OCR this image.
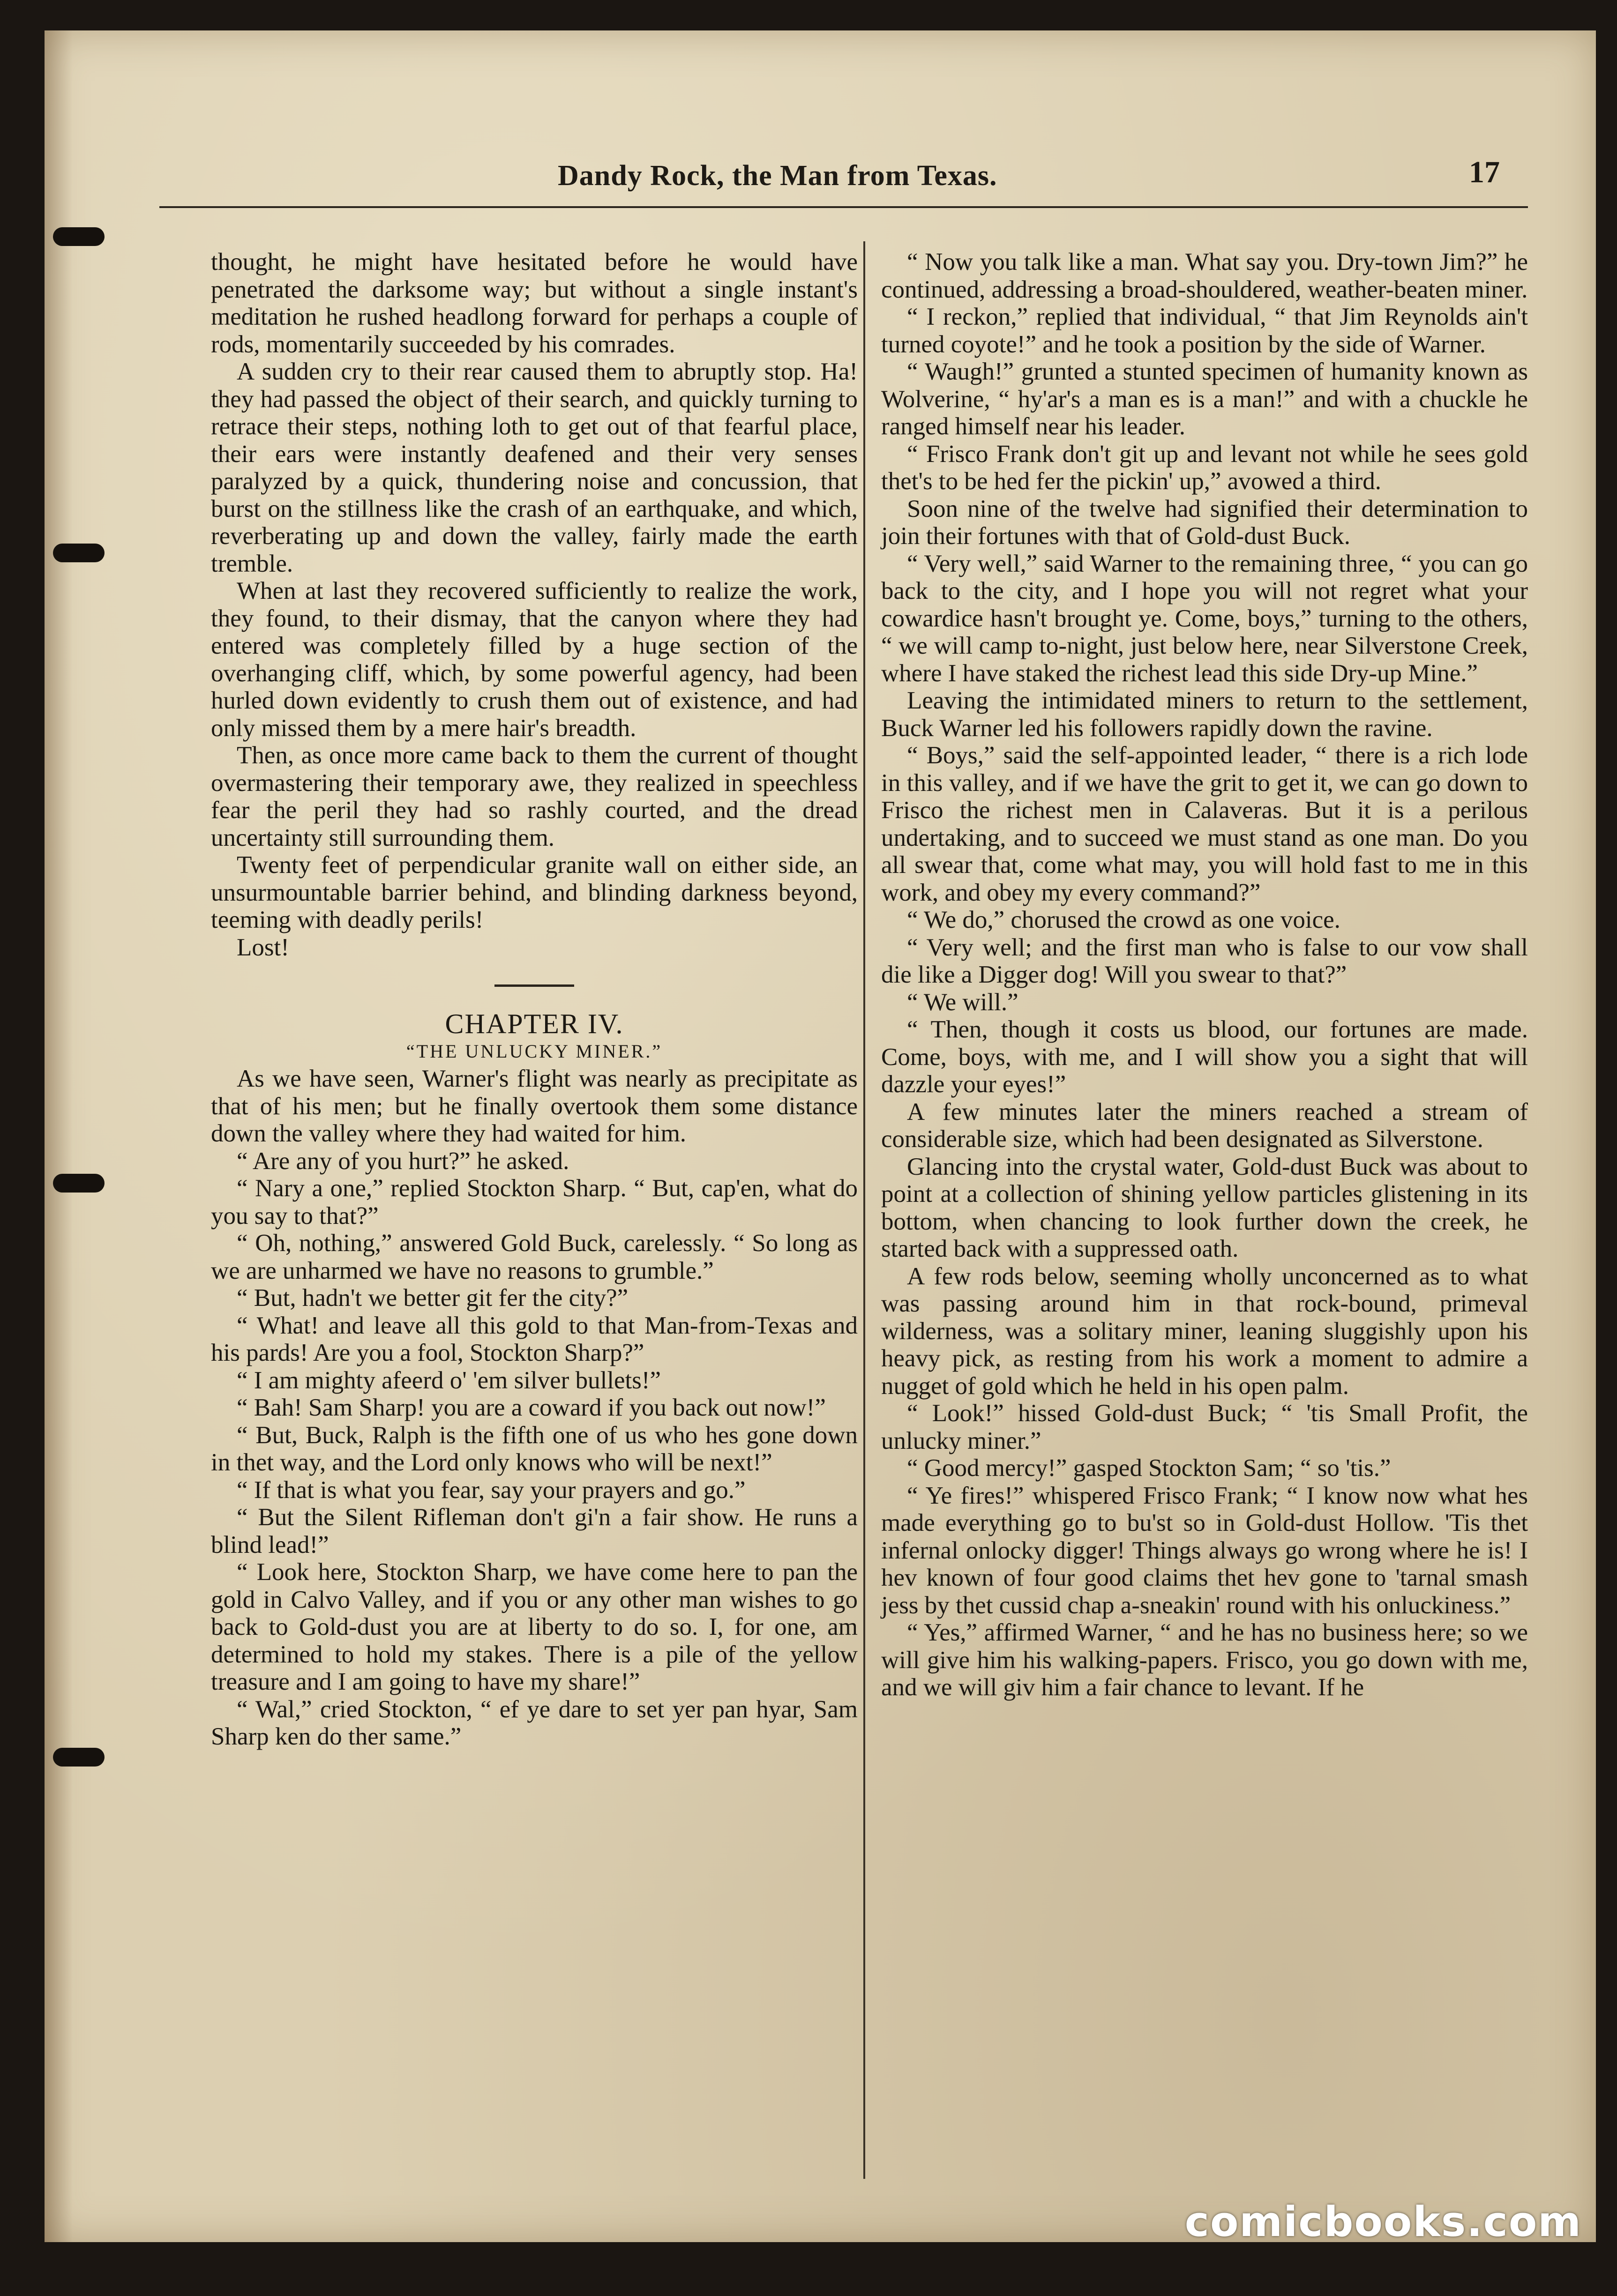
Dandy Rock, the Man from Texas.	17

thought, he might have hesitated before he would have penetrated the darksome way; but without a single instant's meditation he rushed headlong forward for perhaps a couple of rods, momentarily succeeded by his comrades.

A sudden cry to their rear caused them to abruptly stop. Ha! they had passed the object of their search, and quickly turning to retrace their steps, nothing loth to get out of that fearful place, their ears were instantly deafened and their very senses paralyzed by a quick, thundering noise and concussion, that burst on the stillness like the crash of an earthquake, and which, reverberating up and down the valley, fairly made the earth tremble.

When at last they recovered sufficiently to realize the work, they found, to their dismay, that the canyon where they had entered was completely filled by a huge section of the overhanging cliff, which, by some powerful agency, had been hurled down evidently to crush them out of existence, and had only missed them by a mere hair's breadth.

Then, as once more came back to them the current of thought overmastering their temporary awe, they realized in speechless fear the peril they had so rashly courted, and the dread uncertainty still surrounding them.

Twenty feet of perpendicular granite wall on either side, an unsurmountable barrier behind, and blinding darkness beyond, teeming with deadly perils!

Lost!

CHAPTER IV.

“THE UNLUCKY MINER.”

As we have seen, Warner's flight was nearly as precipitate as that of his men; but he finally overtook them some distance down the valley where they had waited for him.

“ Are any of you hurt?” he asked.

“ Nary a one,” replied Stockton Sharp. “ But, cap'en, what do you say to that?”

“ Oh, nothing,” answered Gold Buck, carelessly. “ So long as we are unharmed we have no reasons to grumble.”

“ But, hadn't we better git fer the city?”

“ What! and leave all this gold to that Man-from-Texas and his pards! Are you a fool, Stockton Sharp?”

“ I am mighty afeerd o' 'em silver bullets!”

“ Bah! Sam Sharp! you are a coward if you back out now!”

“ But, Buck, Ralph is the fifth one of us who hes gone down in thet way, and the Lord only knows who will be next!”

“ If that is what you fear, say your prayers and go.”

“ But the Silent Rifleman don't gi'n a fair show. He runs a blind lead!”

“ Look here, Stockton Sharp, we have come here to pan the gold in Calvo Valley, and if you or any other man wishes to go back to Gold-dust you are at liberty to do so. I, for one, am determined to hold my stakes. There is a pile of the yellow treasure and I am going to have my share!”

“ Wal,” cried Stockton, “ ef ye dare to set yer pan hyar, Sam Sharp ken do ther same.”

“ Now you talk like a man. What say you. Dry-town Jim?” he continued, addressing a broad-shouldered, weather-beaten miner.

“ I reckon,” replied that individual, “ that Jim Reynolds ain't turned coyote!” and he took a position by the side of Warner.

“ Waugh!” grunted a stunted specimen of humanity known as Wolverine, “ hy'ar's a man es is a man!” and with a chuckle he ranged himself near his leader.

“ Frisco Frank don't git up and levant not while he sees gold thet's to be hed fer the pickin' up,” avowed a third.

Soon nine of the twelve had signified their determination to join their fortunes with that of Gold-dust Buck.

“ Very well,” said Warner to the remaining three, “ you can go back to the city, and I hope you will not regret what your cowardice hasn't brought ye. Come, boys,” turning to the others, “ we will camp to-night, just below here, near Silverstone Creek, where I have staked the richest lead this side Dry-up Mine.”

Leaving the intimidated miners to return to the settlement, Buck Warner led his followers rapidly down the ravine.

“ Boys,” said the self-appointed leader, “ there is a rich lode in this valley, and if we have the grit to get it, we can go down to Frisco the richest men in Calaveras. But it is a perilous undertaking, and to succeed we must stand as one man. Do you all swear that, come what may, you will hold fast to me in this work, and obey my every command?”

“ We do,” chorused the crowd as one voice.

“ Very well; and the first man who is false to our vow shall die like a Digger dog! Will you swear to that?”

“ We will.”

“ Then, though it costs us blood, our fortunes are made. Come, boys, with me, and I will show you a sight that will dazzle your eyes!”

A few minutes later the miners reached a stream of considerable size, which had been designated as Silverstone.

Glancing into the crystal water, Gold-dust Buck was about to point at a collection of shining yellow particles glistening in its bottom, when chancing to look further down the creek, he started back with a suppressed oath.

A few rods below, seeming wholly unconcerned as to what was passing around him in that rock-bound, primeval wilderness, was a solitary miner, leaning sluggishly upon his heavy pick, as resting from his work a moment to admire a nugget of gold which he held in his open palm.

“ Look!” hissed Gold-dust Buck; “ 'tis Small Profit, the unlucky miner.”

“ Good mercy!” gasped Stockton Sam; “ so 'tis.”

“ Ye fires!” whispered Frisco Frank; “ I know now what hes made everything go to bu'st so in Gold-dust Hollow. 'Tis thet infernal onlocky digger! Things always go wrong where he is! I hev known of four good claims thet hev gone to 'tarnal smash jess by thet cussid chap a-sneakin' round with his onluckiness.”

“ Yes,” affirmed Warner, “ and he has no business here; so we will give him his walking-papers. Frisco, you go down with me, and we will giv him a fair chance to levant. If he

comicbooks.com
